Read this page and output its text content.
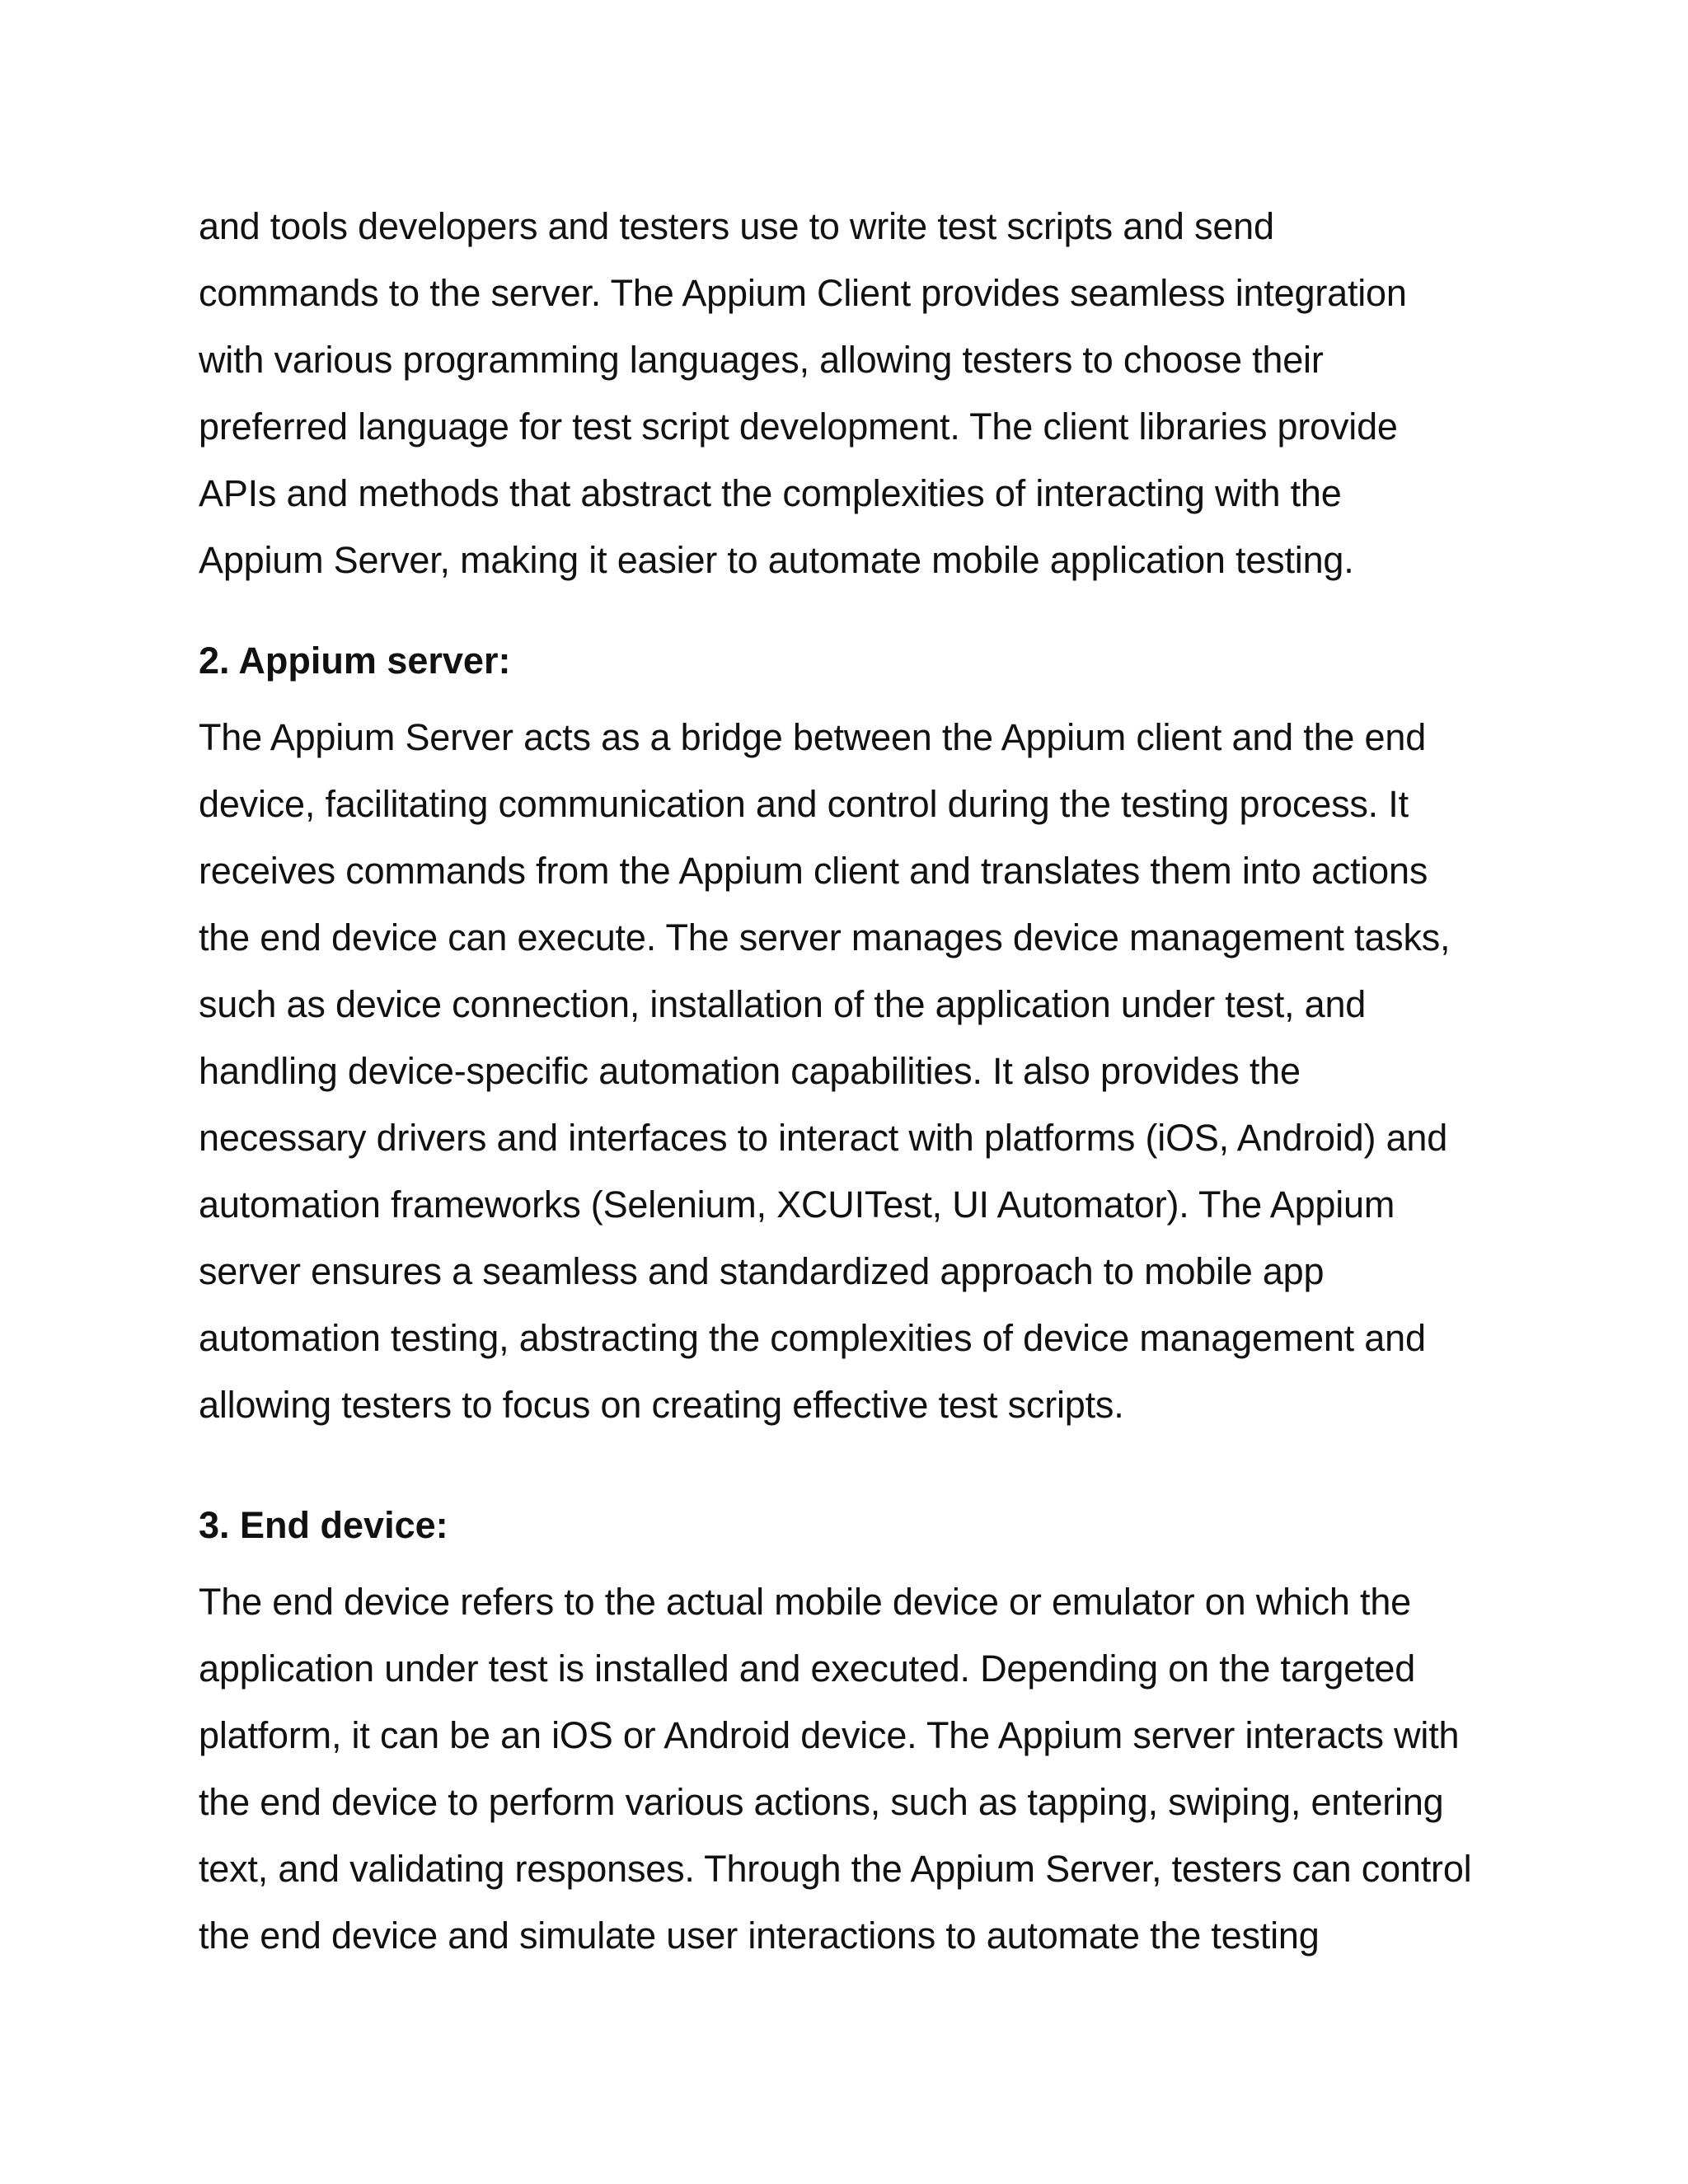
and tools developers and testers use to write test scripts and send
commands to the server. The Appium Client provides seamless integration
with various programming languages, allowing testers to choose their
preferred language for test script development. The client libraries provide
APIs and methods that abstract the complexities of interacting with the
Appium Server, making it easier to automate mobile application testing.
2. Appium server:
The Appium Server acts as a bridge between the Appium client and the end
device, facilitating communication and control during the testing process. It
receives commands from the Appium client and translates them into actions
the end device can execute. The server manages device management tasks,
such as device connection, installation of the application under test, and
handling device-specific automation capabilities. It also provides the
necessary drivers and interfaces to interact with platforms (iOS, Android) and
automation frameworks (Selenium, XCUITest, UI Automator). The Appium
server ensures a seamless and standardized approach to mobile app
automation testing, abstracting the complexities of device management and
allowing testers to focus on creating effective test scripts.
3. End device:
The end device refers to the actual mobile device or emulator on which the
application under test is installed and executed. Depending on the targeted
platform, it can be an iOS or Android device. The Appium server interacts with
the end device to perform various actions, such as tapping, swiping, entering
text, and validating responses. Through the Appium Server, testers can control
the end device and simulate user interactions to automate the testing
